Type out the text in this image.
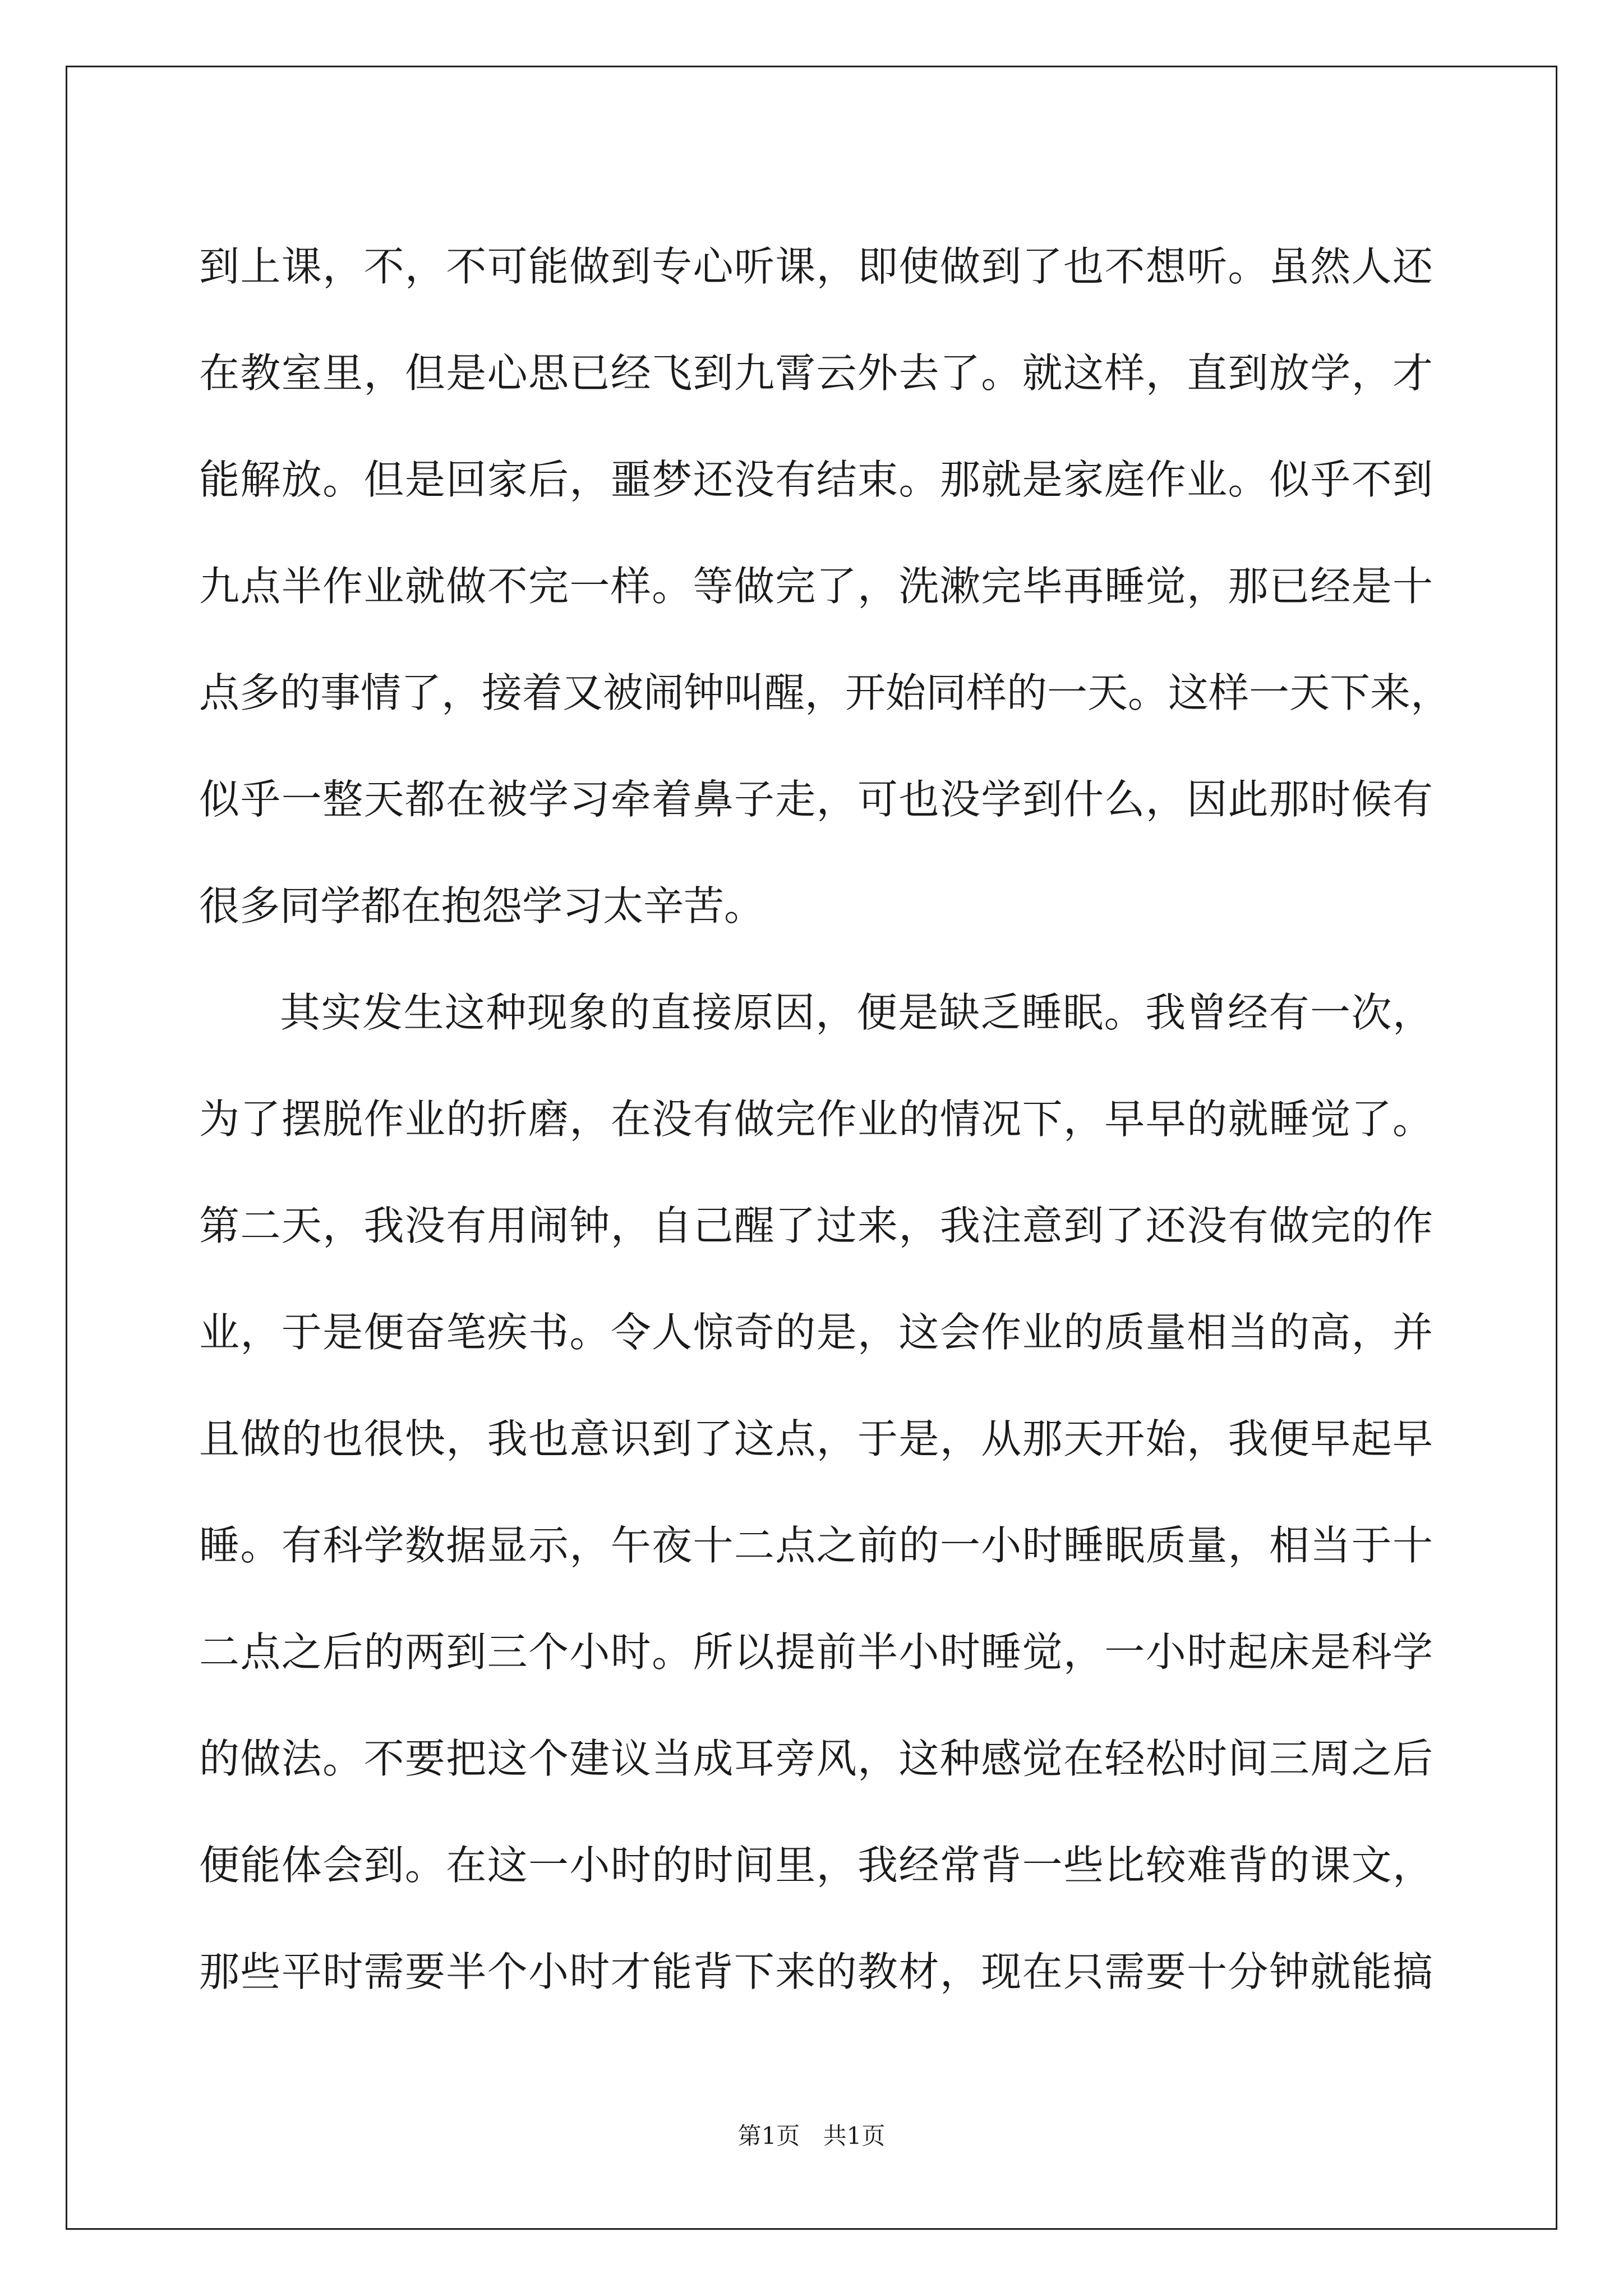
到上课，不，不可能做到专心听课，即使做到了也不想听。虽然人还
在教室里，但是心思已经飞到九霄云外去了。就这样，直到放学，才
能解放。但是回家后，噩梦还没有结束。那就是家庭作业。似乎不到
九点半作业就做不完一样。等做完了，洗漱完毕再睡觉，那已经是十
点多的事情了，接着又被闹钟叫醒，开始同样的一天。这样一天下来，
似乎一整天都在被学习牵着鼻子走，可也没学到什么，因此那时候有
很多同学都在抱怨学习太辛苦。
其实发生这种现象的直接原因，便是缺乏睡眠。我曾经有一次，
为了摆脱作业的折磨，在没有做完作业的情况下，早早的就睡觉了。
第二天，我没有用闹钟，自己醒了过来，我注意到了还没有做完的作
业，于是便奋笔疾书。令人惊奇的是，这会作业的质量相当的高，并
且做的也很快，我也意识到了这点，于是，从那天开始，我便早起早
睡。有科学数据显示，午夜十二点之前的一小时睡眠质量，相当于十
二点之后的两到三个小时。所以提前半小时睡觉，一小时起床是科学
的做法。不要把这个建议当成耳旁风，这种感觉在轻松时间三周之后
便能体会到。在这一小时的时间里，我经常背一些比较难背的课文，
那些平时需要半个小时才能背下来的教材，现在只需要十分钟就能搞
第1页 共1页
